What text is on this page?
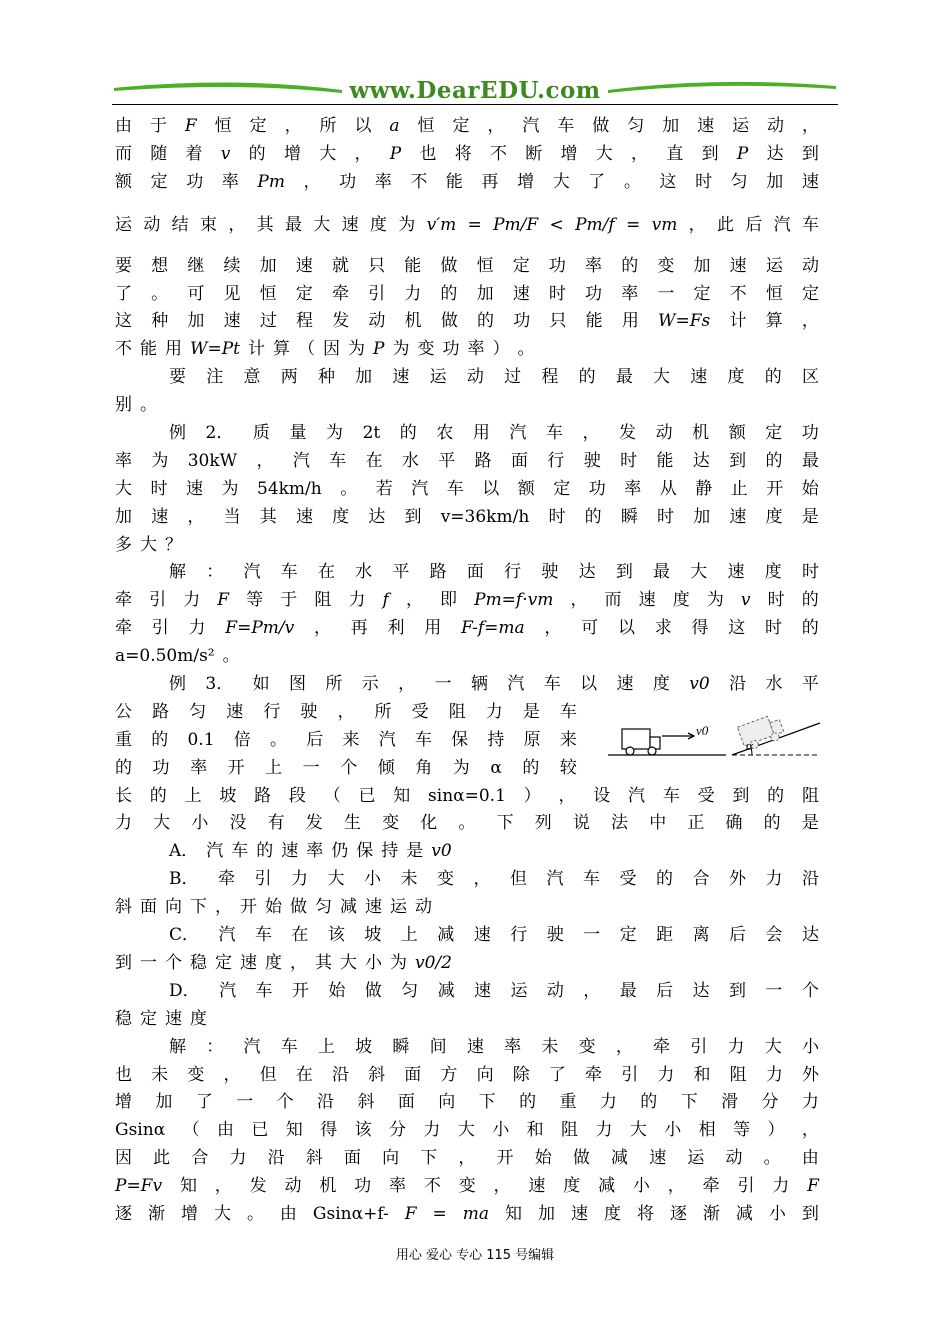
www.DearEDU.com
由 于 F 恒 定 ， 所 以 a 恒 定 ， 汽 车 做 匀 加 速 运 动 ，
而 随 着 v 的 增 大 ， P 也 将 不 断 增 大 ， 直 到 P 达 到
额 定 功 率 Pm ， 功 率 不 能 再 增 大 了 。 这 时 匀 加 速
运 动 结 束 ， 其 最 大 速 度 为 v′m = Pm/F < Pm/f = vm ， 此 后 汽 车
要 想 继 续 加 速 就 只 能 做 恒 定 功 率 的 变 加 速 运 动
了 。 可 见 恒 定 牵 引 力 的 加 速 时 功 率 一 定 不 恒 定
这 种 加 速 过 程 发 动 机 做 的 功 只 能 用 W=Fs 计 算 ，
不 能 用 W=Pt 计 算 （ 因 为 P 为 变 功 率 ） 。
要 注 意 两 种 加 速 运 动 过 程 的 最 大 速 度 的 区
别 。
例 2． 质 量 为 2t 的 农 用 汽 车 ， 发 动 机 额 定 功
率 为 30kW ， 汽 车 在 水 平 路 面 行 驶 时 能 达 到 的 最
大 时 速 为 54km/h 。 若 汽 车 以 额 定 功 率 从 静 止 开 始
加 速 ， 当 其 速 度 达 到 v=36km/h 时 的 瞬 时 加 速 度 是
多 大 ？
解 ： 汽 车 在 水 平 路 面 行 驶 达 到 最 大 速 度 时
牵 引 力 F 等 于 阻 力 f ， 即 Pm=f·vm ， 而 速 度 为 v 时 的
牵 引 力 F=Pm/v ， 再 利 用 F-f=ma ， 可 以 求 得 这 时 的
a=0.50m/s² 。
例 3． 如 图 所 示 ， 一 辆 汽 车 以 速 度 v0 沿 水 平
公 路 匀 速 行 驶 ， 所 受 阻 力 是 车
重 的 0.1 倍 。 后 来 汽 车 保 持 原 来
的 功 率 开 上 一 个 倾 角 为 α 的 较
长 的 上 坡 路 段 （ 已 知 sinα=0.1 ） ， 设 汽 车 受 到 的 阻
力 大 小 没 有 发 生 变 化 。 下 列 说 法 中 正 确 的 是
A． 汽 车 的 速 率 仍 保 持 是 v0
B． 牵 引 力 大 小 未 变 ， 但 汽 车 受 的 合 外 力 沿
斜 面 向 下 ， 开 始 做 匀 减 速 运 动
C． 汽 车 在 该 坡 上 减 速 行 驶 一 定 距 离 后 会 达
到 一 个 稳 定 速 度 ， 其 大 小 为 v0/2
D． 汽 车 开 始 做 匀 减 速 运 动 ， 最 后 达 到 一 个
稳 定 速 度
解 ： 汽 车 上 坡 瞬 间 速 率 未 变 ， 牵 引 力 大 小
也 未 变 ， 但 在 沿 斜 面 方 向 除 了 牵 引 力 和 阻 力 外
增 加 了 一 个 沿 斜 面 向 下 的 重 力 的 下 滑 分 力
Gsinα （ 由 已 知 得 该 分 力 大 小 和 阻 力 大 小 相 等 ） ，
因 此 合 力 沿 斜 面 向 下 ， 开 始 做 减 速 运 动 。 由
P=Fv 知 ， 发 动 机 功 率 不 变 ， 速 度 减 小 ， 牵 引 力 F
逐 渐 增 大 。 由 Gsinα+f- F = ma 知 加 速 度 将 逐 渐 减 小 到
v0
α
用心 爱心 专心 115 号编辑
